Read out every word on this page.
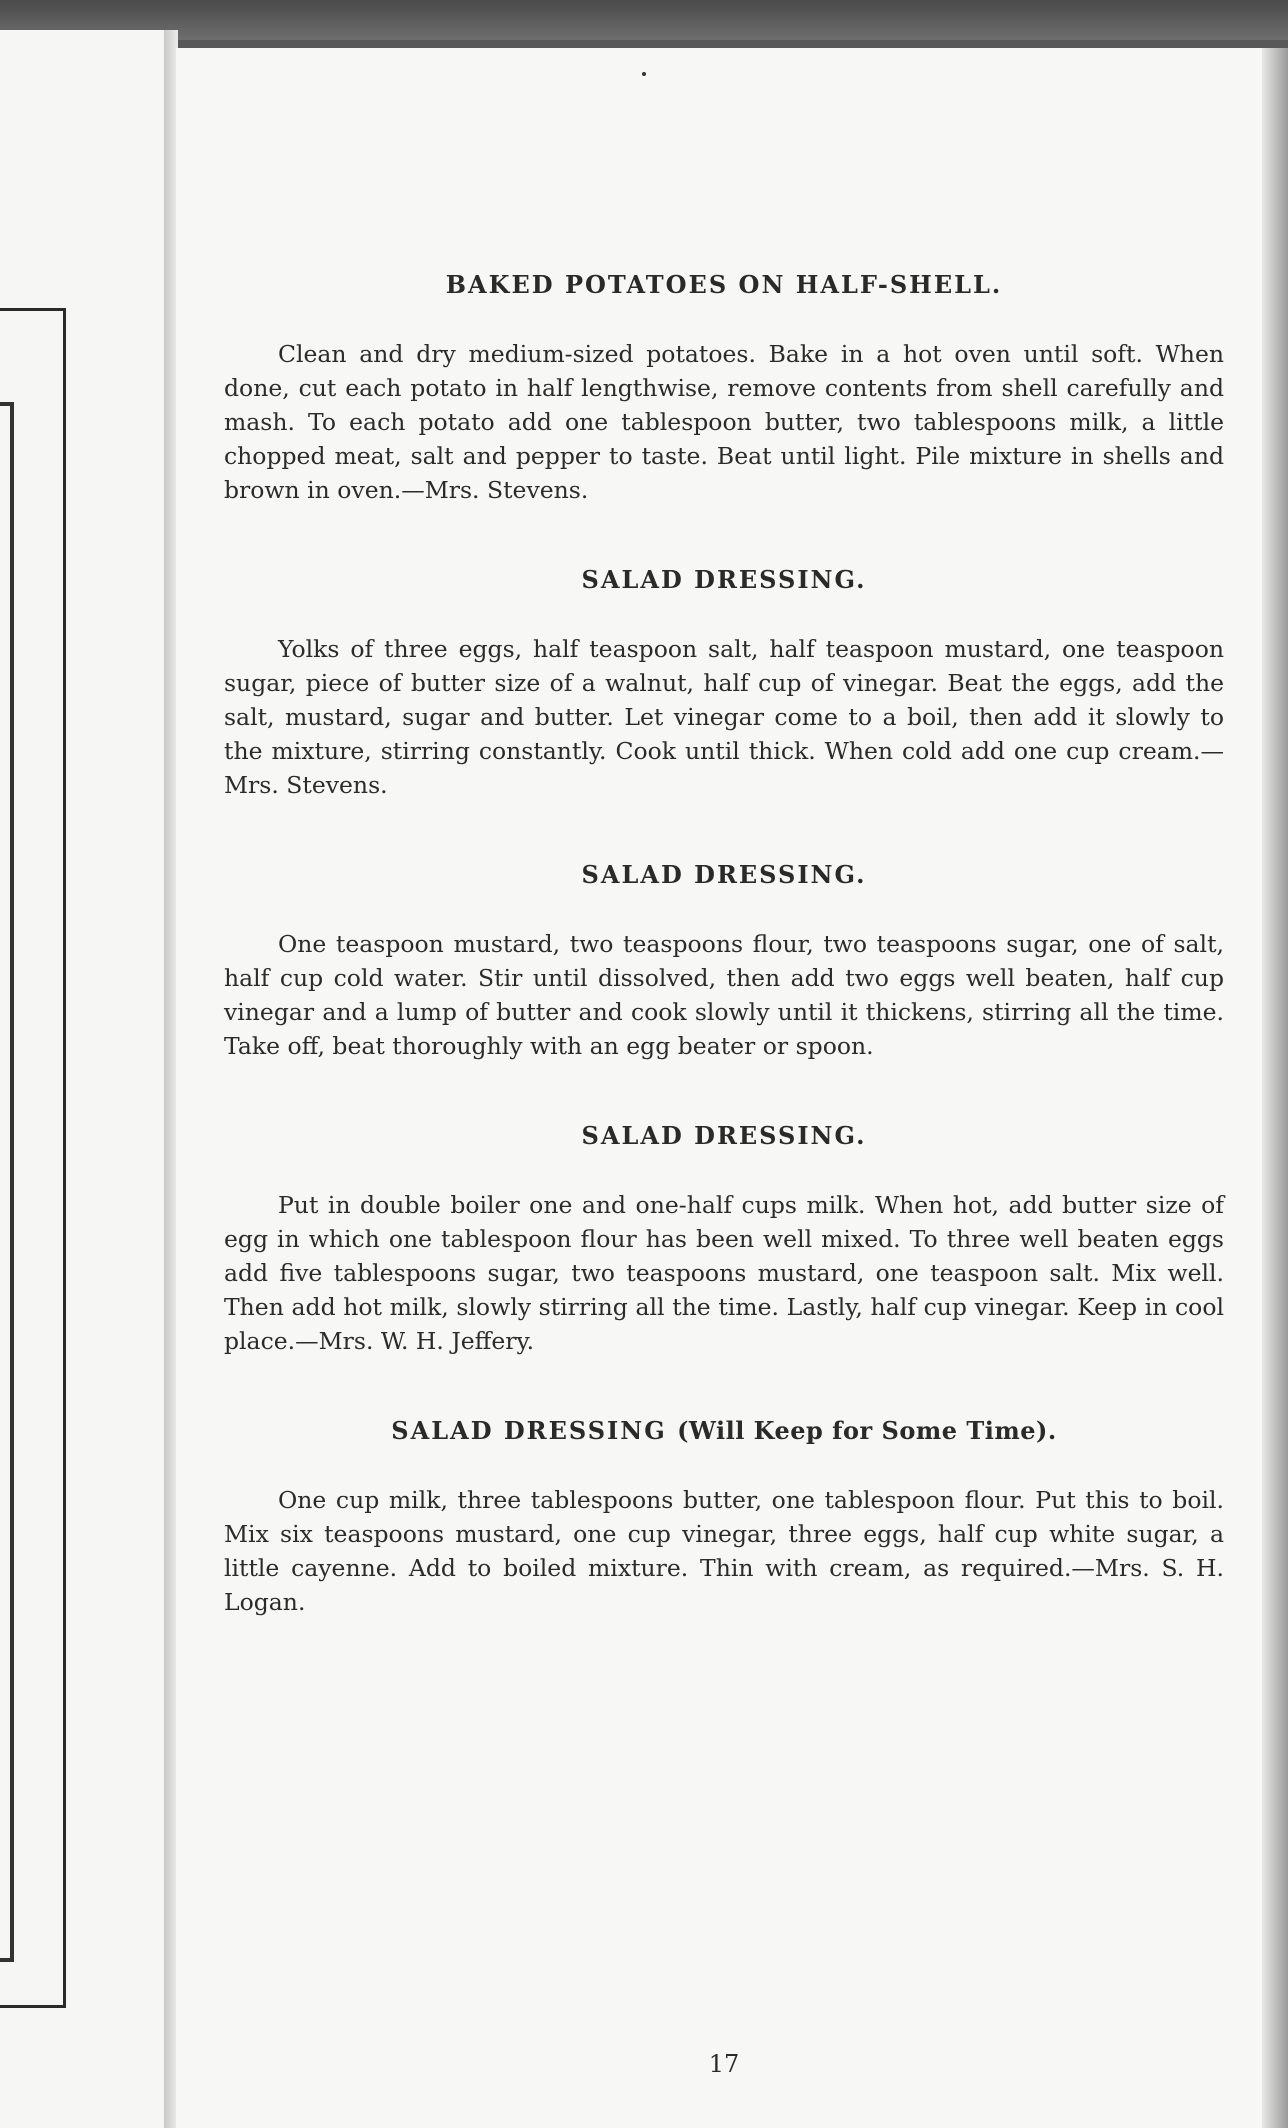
BAKED POTATOES ON HALF-SHELL.

Clean and dry medium-sized potatoes. Bake in a hot oven until soft. When done, cut each potato in half lengthwise, remove contents from shell carefully and mash. To each potato add one tablespoon butter, two tablespoons milk, a little chopped meat, salt and pepper to taste. Beat until light. Pile mixture in shells and brown in oven.—Mrs. Stevens.

SALAD DRESSING.

Yolks of three eggs, half teaspoon salt, half teaspoon mustard, one teaspoon sugar, piece of butter size of a walnut, half cup of vinegar. Beat the eggs, add the salt, mustard, sugar and butter. Let vinegar come to a boil, then add it slowly to the mixture, stirring constantly. Cook until thick. When cold add one cup cream.—Mrs. Stevens.

SALAD DRESSING.

One teaspoon mustard, two teaspoons flour, two teaspoons sugar, one of salt, half cup cold water. Stir until dissolved, then add two eggs well beaten, half cup vinegar and a lump of butter and cook slowly until it thickens, stirring all the time. Take off, beat thoroughly with an egg beater or spoon.

SALAD DRESSING.

Put in double boiler one and one-half cups milk. When hot, add butter size of egg in which one tablespoon flour has been well mixed. To three well beaten eggs add five tablespoons sugar, two teaspoons mustard, one teaspoon salt. Mix well. Then add hot milk, slowly stirring all the time. Lastly, half cup vinegar. Keep in cool place.—Mrs. W. H. Jeffery.

SALAD DRESSING (Will Keep for Some Time).

One cup milk, three tablespoons butter, one tablespoon flour. Put this to boil. Mix six teaspoons mustard, one cup vinegar, three eggs, half cup white sugar, a little cayenne. Add to boiled mixture. Thin with cream, as required.—Mrs. S. H. Logan.

17
